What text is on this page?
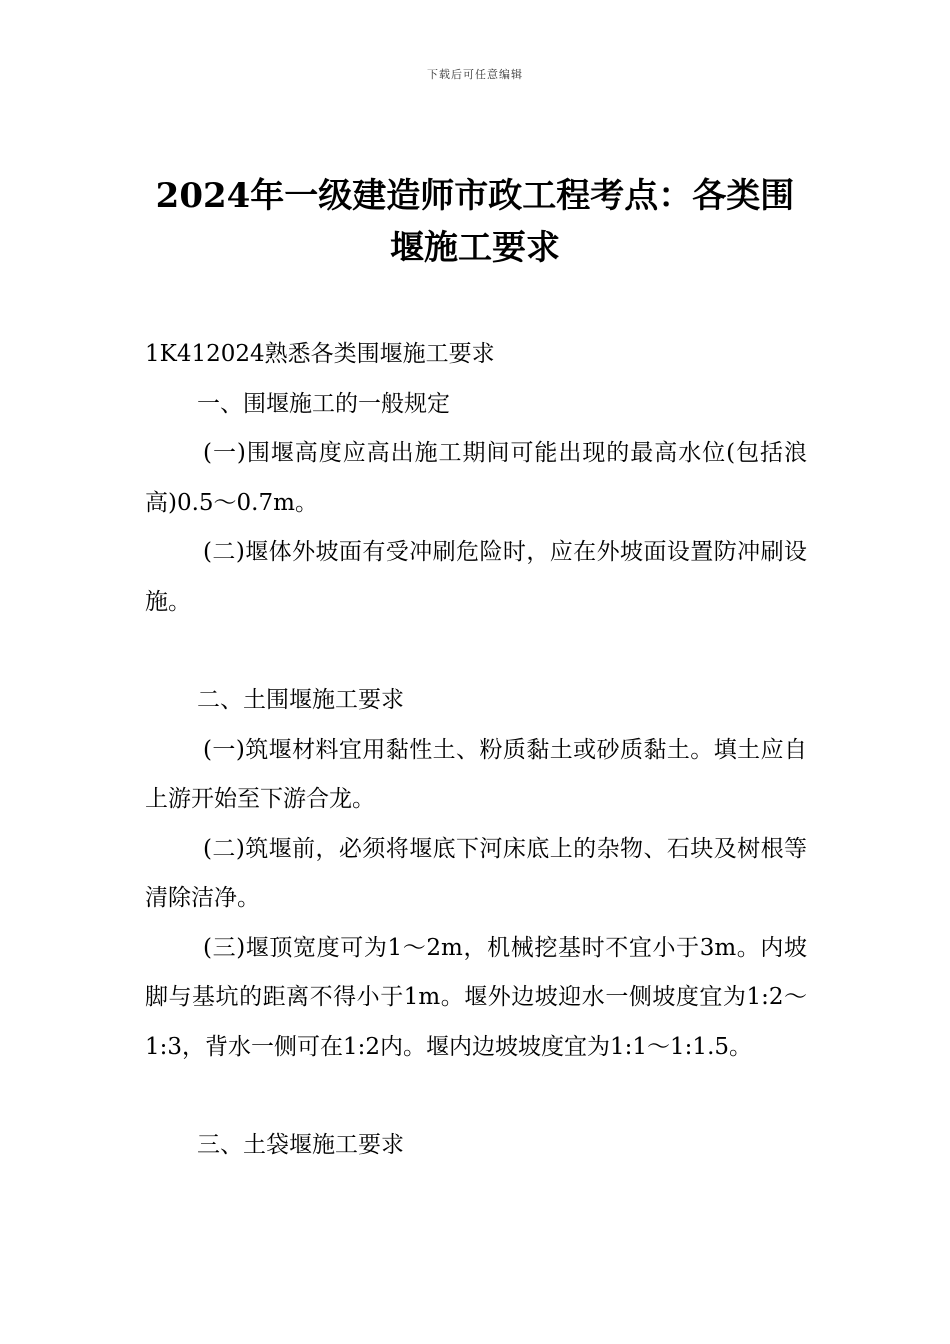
下载后可任意编辑
2024年一级建造师市政工程考点：各类围堰施工要求

1K412024熟悉各类围堰施工要求

一、围堰施工的一般规定

(一)围堰高度应高出施工期间可能出现的最高水位(包括浪高)0.5～0.7m。

(二)堰体外坡面有受冲刷危险时，应在外坡面设置防冲刷设施。

二、土围堰施工要求

(一)筑堰材料宜用黏性土、粉质黏土或砂质黏土。填土应自上游开始至下游合龙。

(二)筑堰前，必须将堰底下河床底上的杂物、石块及树根等清除洁净。

(三)堰顶宽度可为1～2m，机械挖基时不宜小于3m。内坡脚与基坑的距离不得小于1m。堰外边坡迎水一侧坡度宜为1:2～1:3，背水一侧可在1:2内。堰内边坡坡度宜为1:1～1:1.5。

三、土袋堰施工要求
